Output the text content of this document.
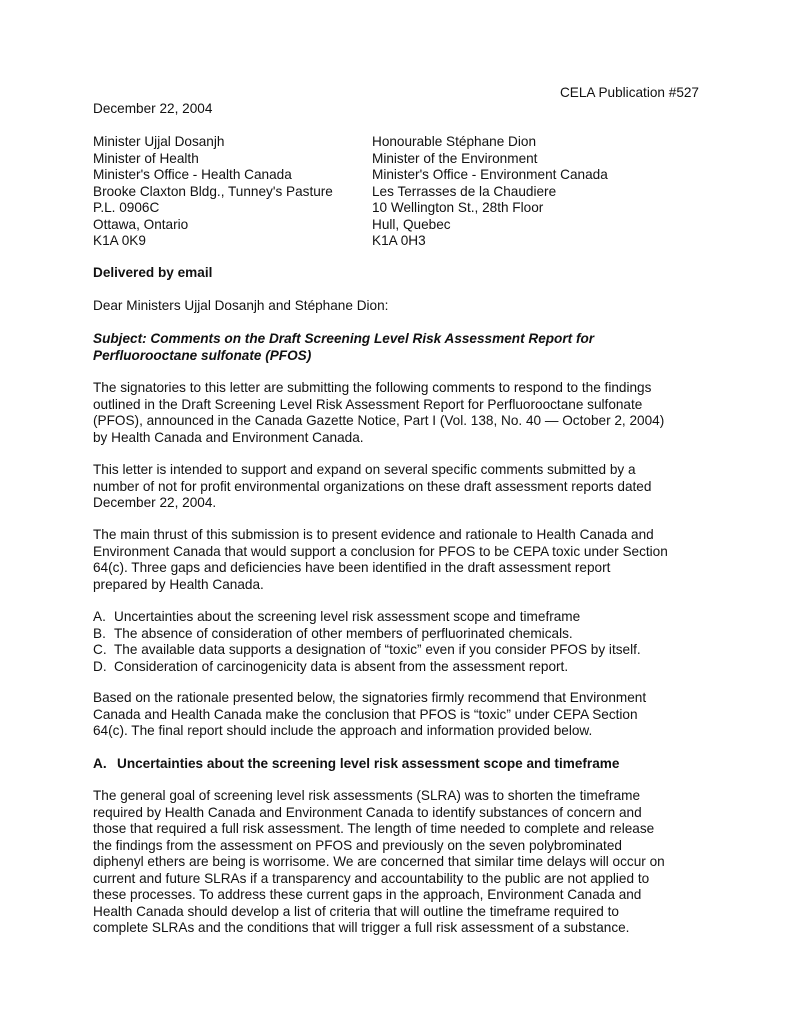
CELA Publication #527
December 22, 2004
Minister Ujjal Dosanjh
Minister of Health
Minister's Office - Health Canada
Brooke Claxton Bldg., Tunney's Pasture
P.L. 0906C
Ottawa, Ontario
K1A 0K9
Honourable Stéphane Dion
Minister of the Environment
Minister's Office - Environment Canada
Les Terrasses de la Chaudiere
10 Wellington St., 28th Floor
Hull, Quebec
K1A 0H3
Delivered by email
Dear Ministers Ujjal Dosanjh and Stéphane Dion:
Subject: Comments on the Draft Screening Level Risk Assessment Report for
Perfluorooctane sulfonate (PFOS)
The signatories to this letter are submitting the following comments to respond to the findings
outlined in the Draft Screening Level Risk Assessment Report for Perfluorooctane sulfonate
(PFOS), announced in the Canada Gazette Notice, Part I (Vol. 138, No. 40 — October 2, 2004)
by Health Canada and Environment Canada.
This letter is intended to support and expand on several specific comments submitted by a
number of not for profit environmental organizations on these draft assessment reports dated
December 22, 2004.
The main thrust of this submission is to present evidence and rationale to Health Canada and
Environment Canada that would support a conclusion for PFOS to be CEPA toxic under Section
64(c). Three gaps and deficiencies have been identified in the draft assessment report
prepared by Health Canada.
A. Uncertainties about the screening level risk assessment scope and timeframe
B. The absence of consideration of other members of perfluorinated chemicals.
C. The available data supports a designation of “toxic” even if you consider PFOS by itself.
D. Consideration of carcinogenicity data is absent from the assessment report.
Based on the rationale presented below, the signatories firmly recommend that Environment
Canada and Health Canada make the conclusion that PFOS is “toxic” under CEPA Section
64(c). The final report should include the approach and information provided below.
A. Uncertainties about the screening level risk assessment scope and timeframe
The general goal of screening level risk assessments (SLRA) was to shorten the timeframe
required by Health Canada and Environment Canada to identify substances of concern and
those that required a full risk assessment. The length of time needed to complete and release
the findings from the assessment on PFOS and previously on the seven polybrominated
diphenyl ethers are being is worrisome. We are concerned that similar time delays will occur on
current and future SLRAs if a transparency and accountability to the public are not applied to
these processes. To address these current gaps in the approach, Environment Canada and
Health Canada should develop a list of criteria that will outline the timeframe required to
complete SLRAs and the conditions that will trigger a full risk assessment of a substance.
